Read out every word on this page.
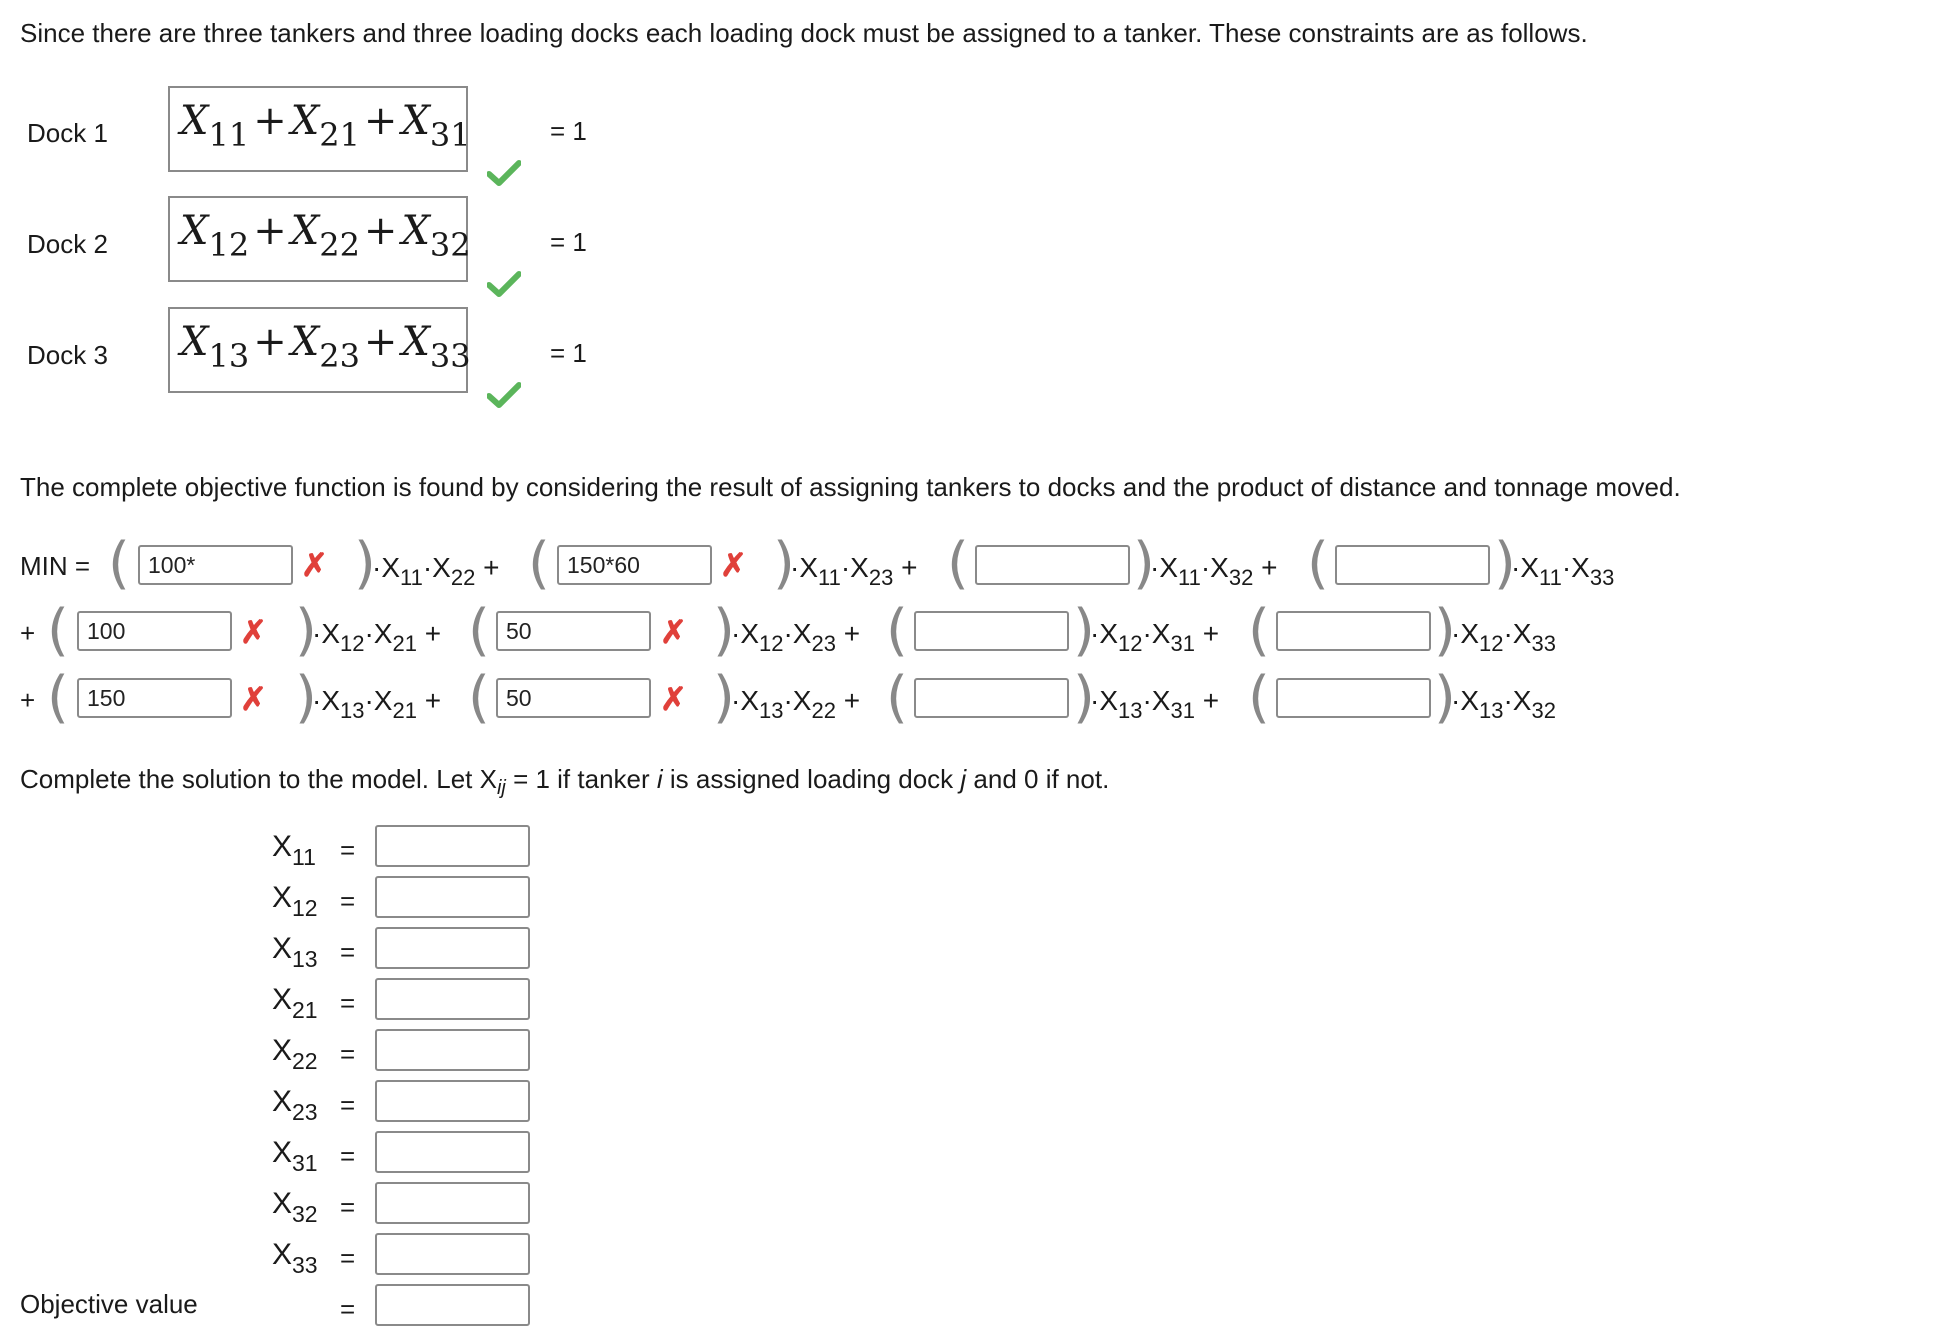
Since there are three tankers and three loading docks each loading dock must be assigned to a tanker. These constraints are as follows.
Dock 1 $X_{11} + X_{21} + X_{31}$	= 1
Dock 2 $X_{12} + X_{22} + X_{32}$	= 1
Dock 3 $X_{13} + X_{23} + X_{33}$	= 1
The complete objective function is found by considering the result of assigning tankers to docks and the product of distance and tonnage moved.
MIN = (
100*	✗ )
$\cdot X_{11}\cdot X_{22}$ + (
150*60	✗ )
$\cdot X_{11}\cdot X_{23}$ + (	)
$\cdot X_{11}\cdot X_{32}$ + (	)
$\cdot X_{11}\cdot X_{33}$
+ (
100	✗ )
$\cdot X_{12}\cdot X_{21}$ + (
50	✗ )
$\cdot X_{12}\cdot X_{23}$ + (	)
$\cdot X_{12}\cdot X_{31}$ + (	)
$\cdot X_{12}\cdot X_{33}$
+ (
150	✗ )
$\cdot X_{13}\cdot X_{21}$ + (
50	✗ )
$\cdot X_{13}\cdot X_{22}$ + (	)
$\cdot X_{13}\cdot X_{31}$ + (	)
$\cdot X_{13}\cdot X_{32}$
Complete the solution to the model. Let $X_{ij} = 1$ if tanker i is assigned loading dock j and 0 if not.
$X_{11}$ =
$X_{12}$ =
$X_{13}$ =
$X_{21}$ =
$X_{22}$ =
$X_{23}$ =
$X_{31}$ =
$X_{32}$ =
$X_{33}$ =
Objective value	=
